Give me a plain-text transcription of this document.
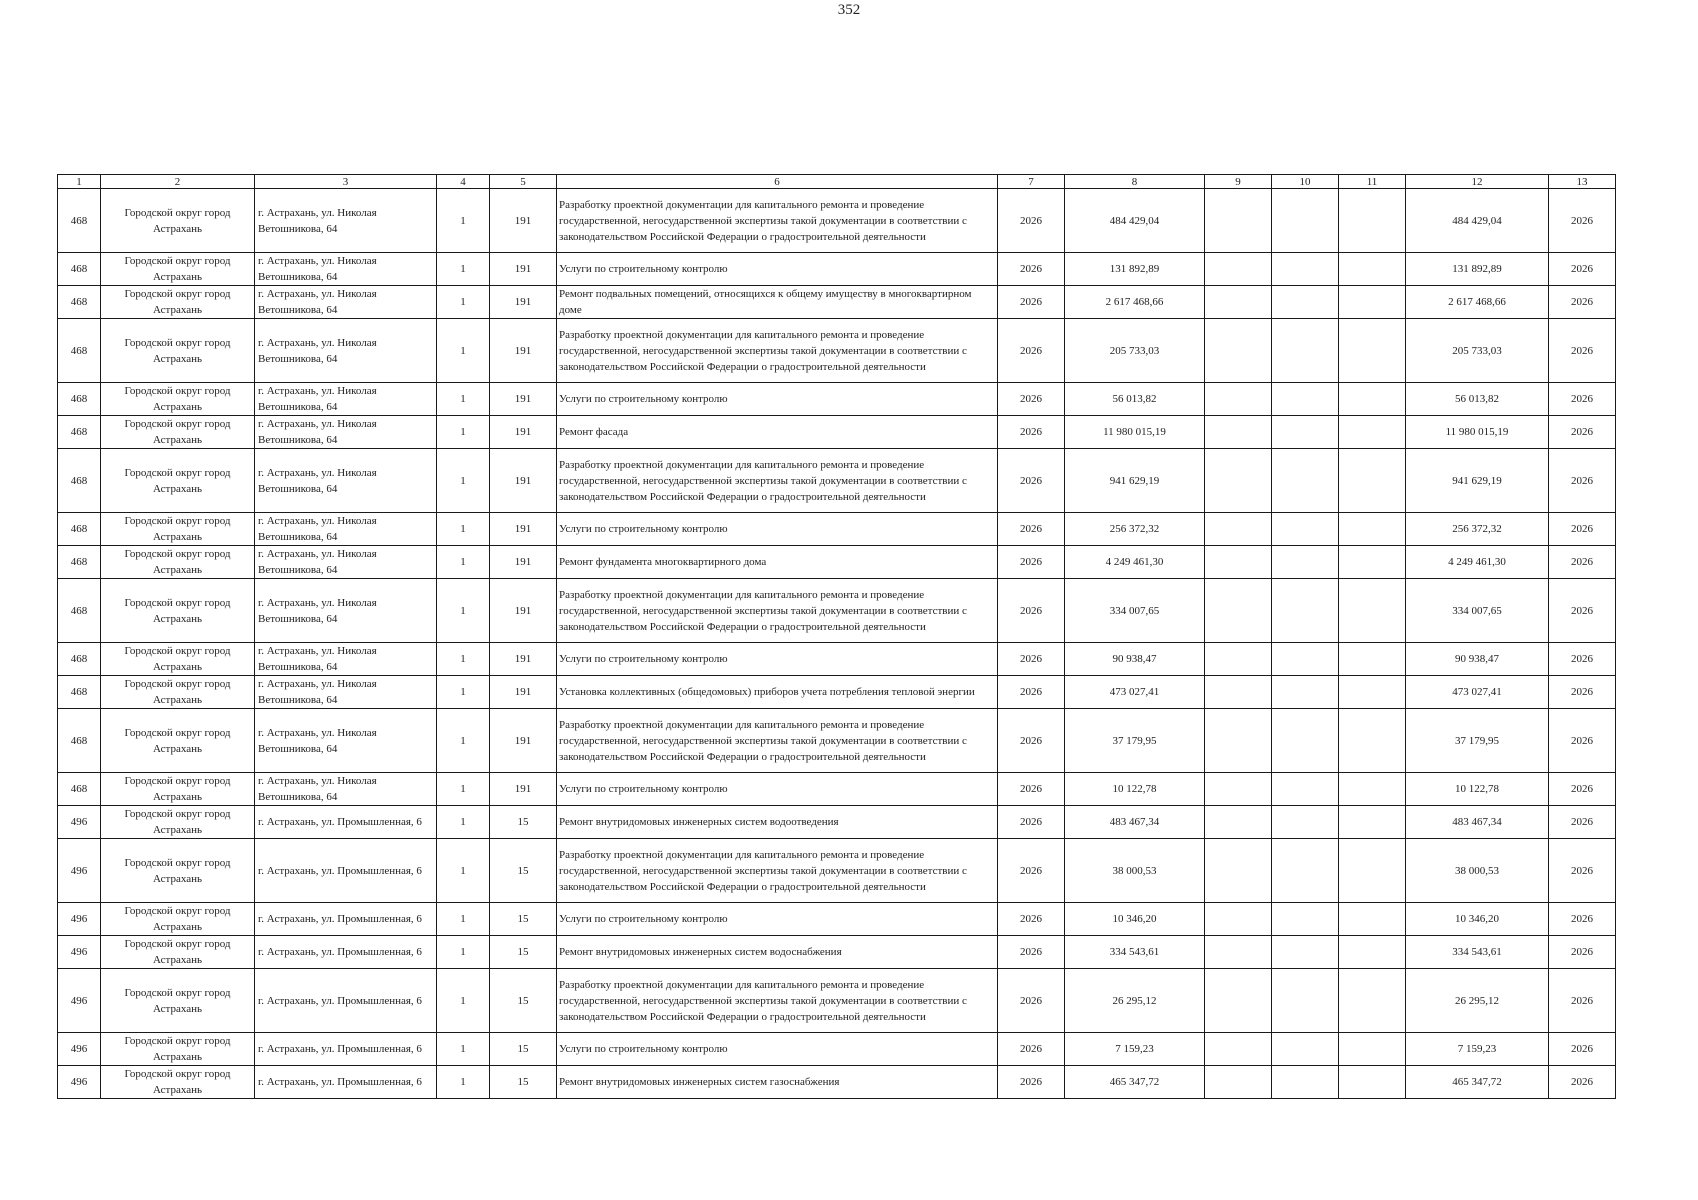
352
1	2	3	4	5	6	7	8	9	10	11	12	13
468	Городской округ город Астрахань	г. Астрахань, ул. Николая Ветошникова, 64	1	191	Разработку проектной документации для капитального ремонта и проведение государственной, негосударственной экспертизы такой документации в соответствии с законодательством Российской Федерации о градостроительной деятельности	2026	484 429,04				484 429,04	2026
468	Городской округ город Астрахань	г. Астрахань, ул. Николая Ветошникова, 64	1	191	Услуги по строительному контролю	2026	131 892,89				131 892,89	2026
468	Городской округ город Астрахань	г. Астрахань, ул. Николая Ветошникова, 64	1	191	Ремонт подвальных помещений, относящихся к общему имуществу в многоквартирном доме	2026	2 617 468,66				2 617 468,66	2026
468	Городской округ город Астрахань	г. Астрахань, ул. Николая Ветошникова, 64	1	191	Разработку проектной документации для капитального ремонта и проведение государственной, негосударственной экспертизы такой документации в соответствии с законодательством Российской Федерации о градостроительной деятельности	2026	205 733,03				205 733,03	2026
468	Городской округ город Астрахань	г. Астрахань, ул. Николая Ветошникова, 64	1	191	Услуги по строительному контролю	2026	56 013,82				56 013,82	2026
468	Городской округ город Астрахань	г. Астрахань, ул. Николая Ветошникова, 64	1	191	Ремонт фасада	2026	11 980 015,19				11 980 015,19	2026
468	Городской округ город Астрахань	г. Астрахань, ул. Николая Ветошникова, 64	1	191	Разработку проектной документации для капитального ремонта и проведение государственной, негосударственной экспертизы такой документации в соответствии с законодательством Российской Федерации о градостроительной деятельности	2026	941 629,19				941 629,19	2026
468	Городской округ город Астрахань	г. Астрахань, ул. Николая Ветошникова, 64	1	191	Услуги по строительному контролю	2026	256 372,32				256 372,32	2026
468	Городской округ город Астрахань	г. Астрахань, ул. Николая Ветошникова, 64	1	191	Ремонт фундамента многоквартирного дома	2026	4 249 461,30				4 249 461,30	2026
468	Городской округ город Астрахань	г. Астрахань, ул. Николая Ветошникова, 64	1	191	Разработку проектной документации для капитального ремонта и проведение государственной, негосударственной экспертизы такой документации в соответствии с законодательством Российской Федерации о градостроительной деятельности	2026	334 007,65				334 007,65	2026
468	Городской округ город Астрахань	г. Астрахань, ул. Николая Ветошникова, 64	1	191	Услуги по строительному контролю	2026	90 938,47				90 938,47	2026
468	Городской округ город Астрахань	г. Астрахань, ул. Николая Ветошникова, 64	1	191	Установка коллективных (общедомовых) приборов учета потребления тепловой энергии	2026	473 027,41				473 027,41	2026
468	Городской округ город Астрахань	г. Астрахань, ул. Николая Ветошникова, 64	1	191	Разработку проектной документации для капитального ремонта и проведение государственной, негосударственной экспертизы такой документации в соответствии с законодательством Российской Федерации о градостроительной деятельности	2026	37 179,95				37 179,95	2026
468	Городской округ город Астрахань	г. Астрахань, ул. Николая Ветошникова, 64	1	191	Услуги по строительному контролю	2026	10 122,78				10 122,78	2026
496	Городской округ город Астрахань	г. Астрахань, ул. Промышленная, 6	1	15	Ремонт внутридомовых инженерных систем водоотведения	2026	483 467,34				483 467,34	2026
496	Городской округ город Астрахань	г. Астрахань, ул. Промышленная, 6	1	15	Разработку проектной документации для капитального ремонта и проведение государственной, негосударственной экспертизы такой документации в соответствии с законодательством Российской Федерации о градостроительной деятельности	2026	38 000,53				38 000,53	2026
496	Городской округ город Астрахань	г. Астрахань, ул. Промышленная, 6	1	15	Услуги по строительному контролю	2026	10 346,20				10 346,20	2026
496	Городской округ город Астрахань	г. Астрахань, ул. Промышленная, 6	1	15	Ремонт внутридомовых инженерных систем водоснабжения	2026	334 543,61				334 543,61	2026
496	Городской округ город Астрахань	г. Астрахань, ул. Промышленная, 6	1	15	Разработку проектной документации для капитального ремонта и проведение государственной, негосударственной экспертизы такой документации в соответствии с законодательством Российской Федерации о градостроительной деятельности	2026	26 295,12				26 295,12	2026
496	Городской округ город Астрахань	г. Астрахань, ул. Промышленная, 6	1	15	Услуги по строительному контролю	2026	7 159,23				7 159,23	2026
496	Городской округ город Астрахань	г. Астрахань, ул. Промышленная, 6	1	15	Ремонт внутридомовых инженерных систем газоснабжения	2026	465 347,72				465 347,72	2026
